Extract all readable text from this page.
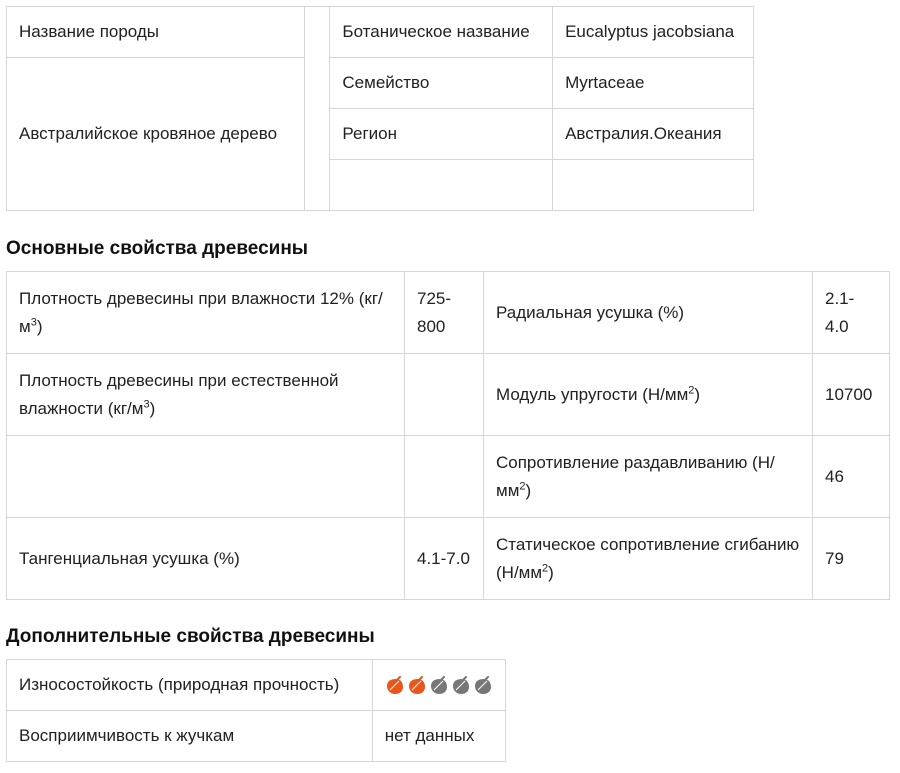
Название породы		Ботаническое название	Eucalyptus jacobsiana
Австралийское кровяное дерево		Семейство	Myrtaceae
		Регион	Австралия.Океания

Основные свойства древесины
Плотность древесины при влажности 12% $(кг/м^3)$	725-800	Радиальная усушка (%)	2.1-4.0
Плотность древесины при естественной влажности $(кг/м^3)$		Модуль упругости $(Н/мм^2)$	10700
		Сопротивление раздавливанию $(Н/мм^2)$	46
Тангенциальная усушка (%)	4.1-7.0	Статическое сопротивление сгибанию $(Н/мм^2)$	79
Дополнительные свойства древесины
Износостойкость (природная прочность)	

Восприимчивость к жучкам	нет данных
